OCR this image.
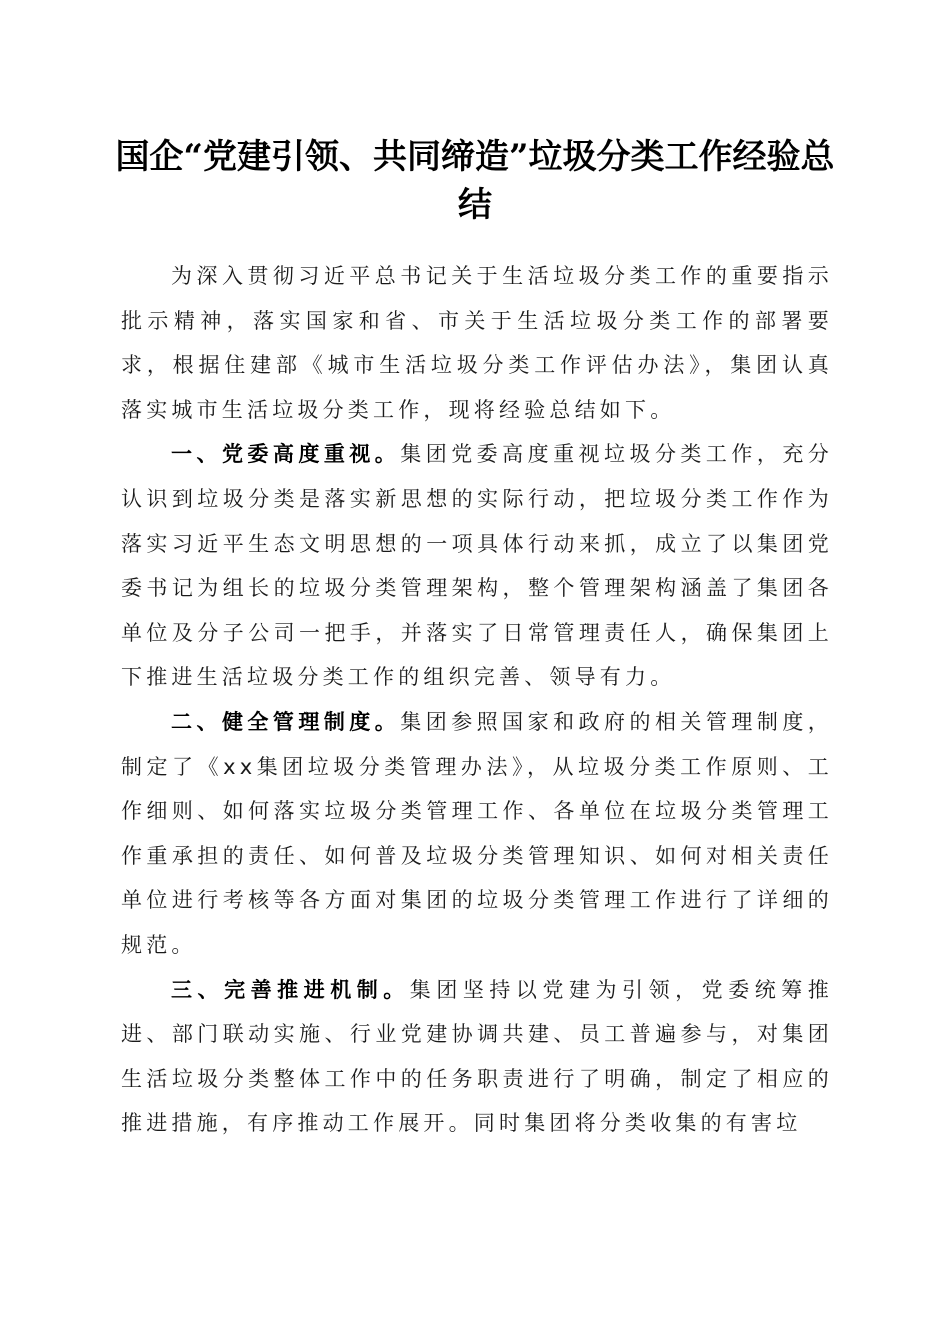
国企“党建引领、共同缔造”垃圾分类工作经验总结

为深入贯彻习近平总书记关于生活垃圾分类工作的重要指示批示精神，落实国家和省、市关于生活垃圾分类工作的部署要求，根据住建部《城市生活垃圾分类工作评估办法》，集团认真落实城市生活垃圾分类工作，现将经验总结如下。

一、党委高度重视。集团党委高度重视垃圾分类工作，充分认识到垃圾分类是落实新思想的实际行动，把垃圾分类工作作为落实习近平生态文明思想的一项具体行动来抓，成立了以集团党委书记为组长的垃圾分类管理架构，整个管理架构涵盖了集团各单位及分子公司一把手，并落实了日常管理责任人，确保集团上下推进生活垃圾分类工作的组织完善、领导有力。

二、健全管理制度。集团参照国家和政府的相关管理制度，制定了《xx集团垃圾分类管理办法》，从垃圾分类工作原则、工作细则、如何落实垃圾分类管理工作、各单位在垃圾分类管理工作重承担的责任、如何普及垃圾分类管理知识、如何对相关责任单位进行考核等各方面对集团的垃圾分类管理工作进行了详细的规范。

三、完善推进机制。集团坚持以党建为引领，党委统筹推进、部门联动实施、行业党建协调共建、员工普遍参与，对集团生活垃圾分类整体工作中的任务职责进行了明确，制定了相应的推进措施，有序推动工作展开。同时集团将分类收集的有害垃
